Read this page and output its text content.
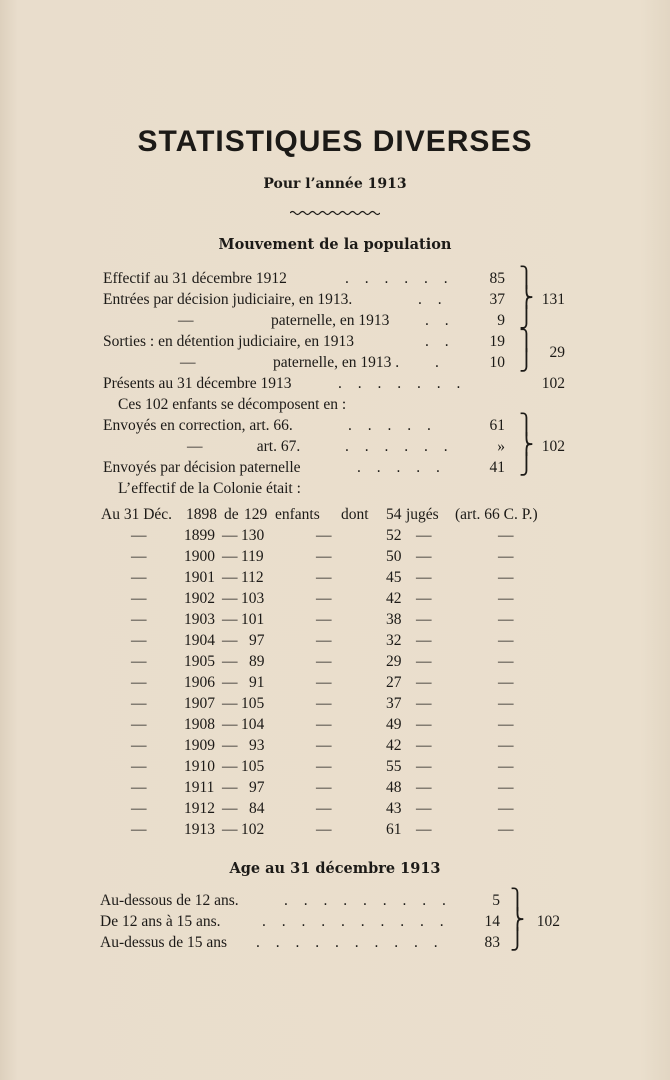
STATISTIQUES DIVERSES
Pour l’année 1913
Mouvement de la population
Effectif au 31 décembre 1912	. . . . . .	85
Entrées par décision judiciaire, en 1913.	. .	37
—                    paternelle, en 1913 . .	9
Sorties : en détention judiciaire, en 1913	. .	19
—                    paternelle, en 1913 . .	10
Présents au 31 décembre 1913	. . . . . . .	102
⎫
⎬
⎭
131
⎫
⎭	29
Ces 102 enfants se décomposent en :
Envoyés en correction, art. 66.	. . . . .	61
—              art. 67.	. . . . . .	»
Envoyés par décision paternelle	. . . . .	41
⎫
⎬
⎭
102
L’effectif de la Colonie était :
Au 31 Déc. 1898 de 129 enfants dont 54 jugés (art. 66 C. P.)
— 1899 — 130	—	52 —	—
— 1900 — 119	—	50 —	—
— 1901 — 112	—	45 —	—
— 1902 — 103	—	42 —	—
— 1903 — 101	—	38 —	—
— 1904 — 97	—	32 —	—
— 1905 — 89	—	29 —	—
— 1906 — 91	—	27 —	—
— 1907 — 105	—	37 —	—
— 1908 — 104	—	49 —	—
— 1909 — 93	—	42 —	—
— 1910 — 105	—	55 —	—
— 1911 — 97	—	48 —	—
— 1912 — 84	—	43 —	—
— 1913 — 102	—	61 —	—
Age au 31 décembre 1913
Au-dessous de 12 ans.	. . . . . . . . .	5
De 12 ans à 15 ans.	. . . . . . . . . .	14
Au-dessus de 15 ans . . . . . . . . . .	83
⎫
⎬
⎭
102
